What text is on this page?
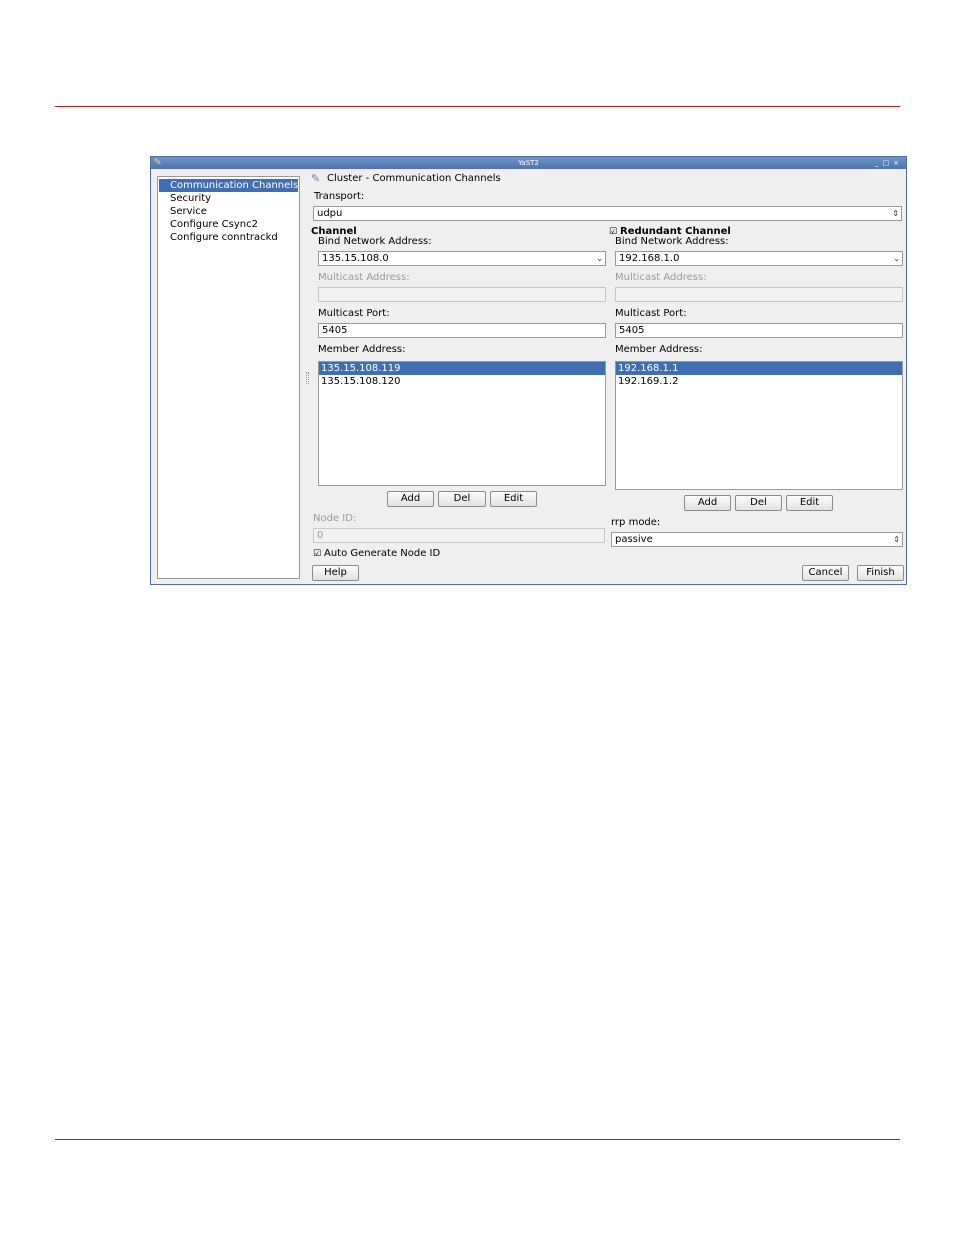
✎	YaST2	_□×
Communication Channels
Security
Service
Configure Csync2
Configure conntrackd
✎ Cluster - Communication Channels
Transport:
udpu	⇕
Channel
Bind Network Address:
135.15.108.0	⌄
Multicast Address:
Multicast Port:
5405
Member Address:
135.15.108.119
135.15.108.120
Add	Del	Edit
☑ Redundant Channel
Bind Network Address:
192.168.1.0	⌄
Multicast Address:
Multicast Port:
5405
Member Address:
192.168.1.1
192.169.1.2
Add	Del	Edit
Node ID:
0
☑ Auto Generate Node ID
rrp mode:
passive	⇕
Help	Cancel	Finish
